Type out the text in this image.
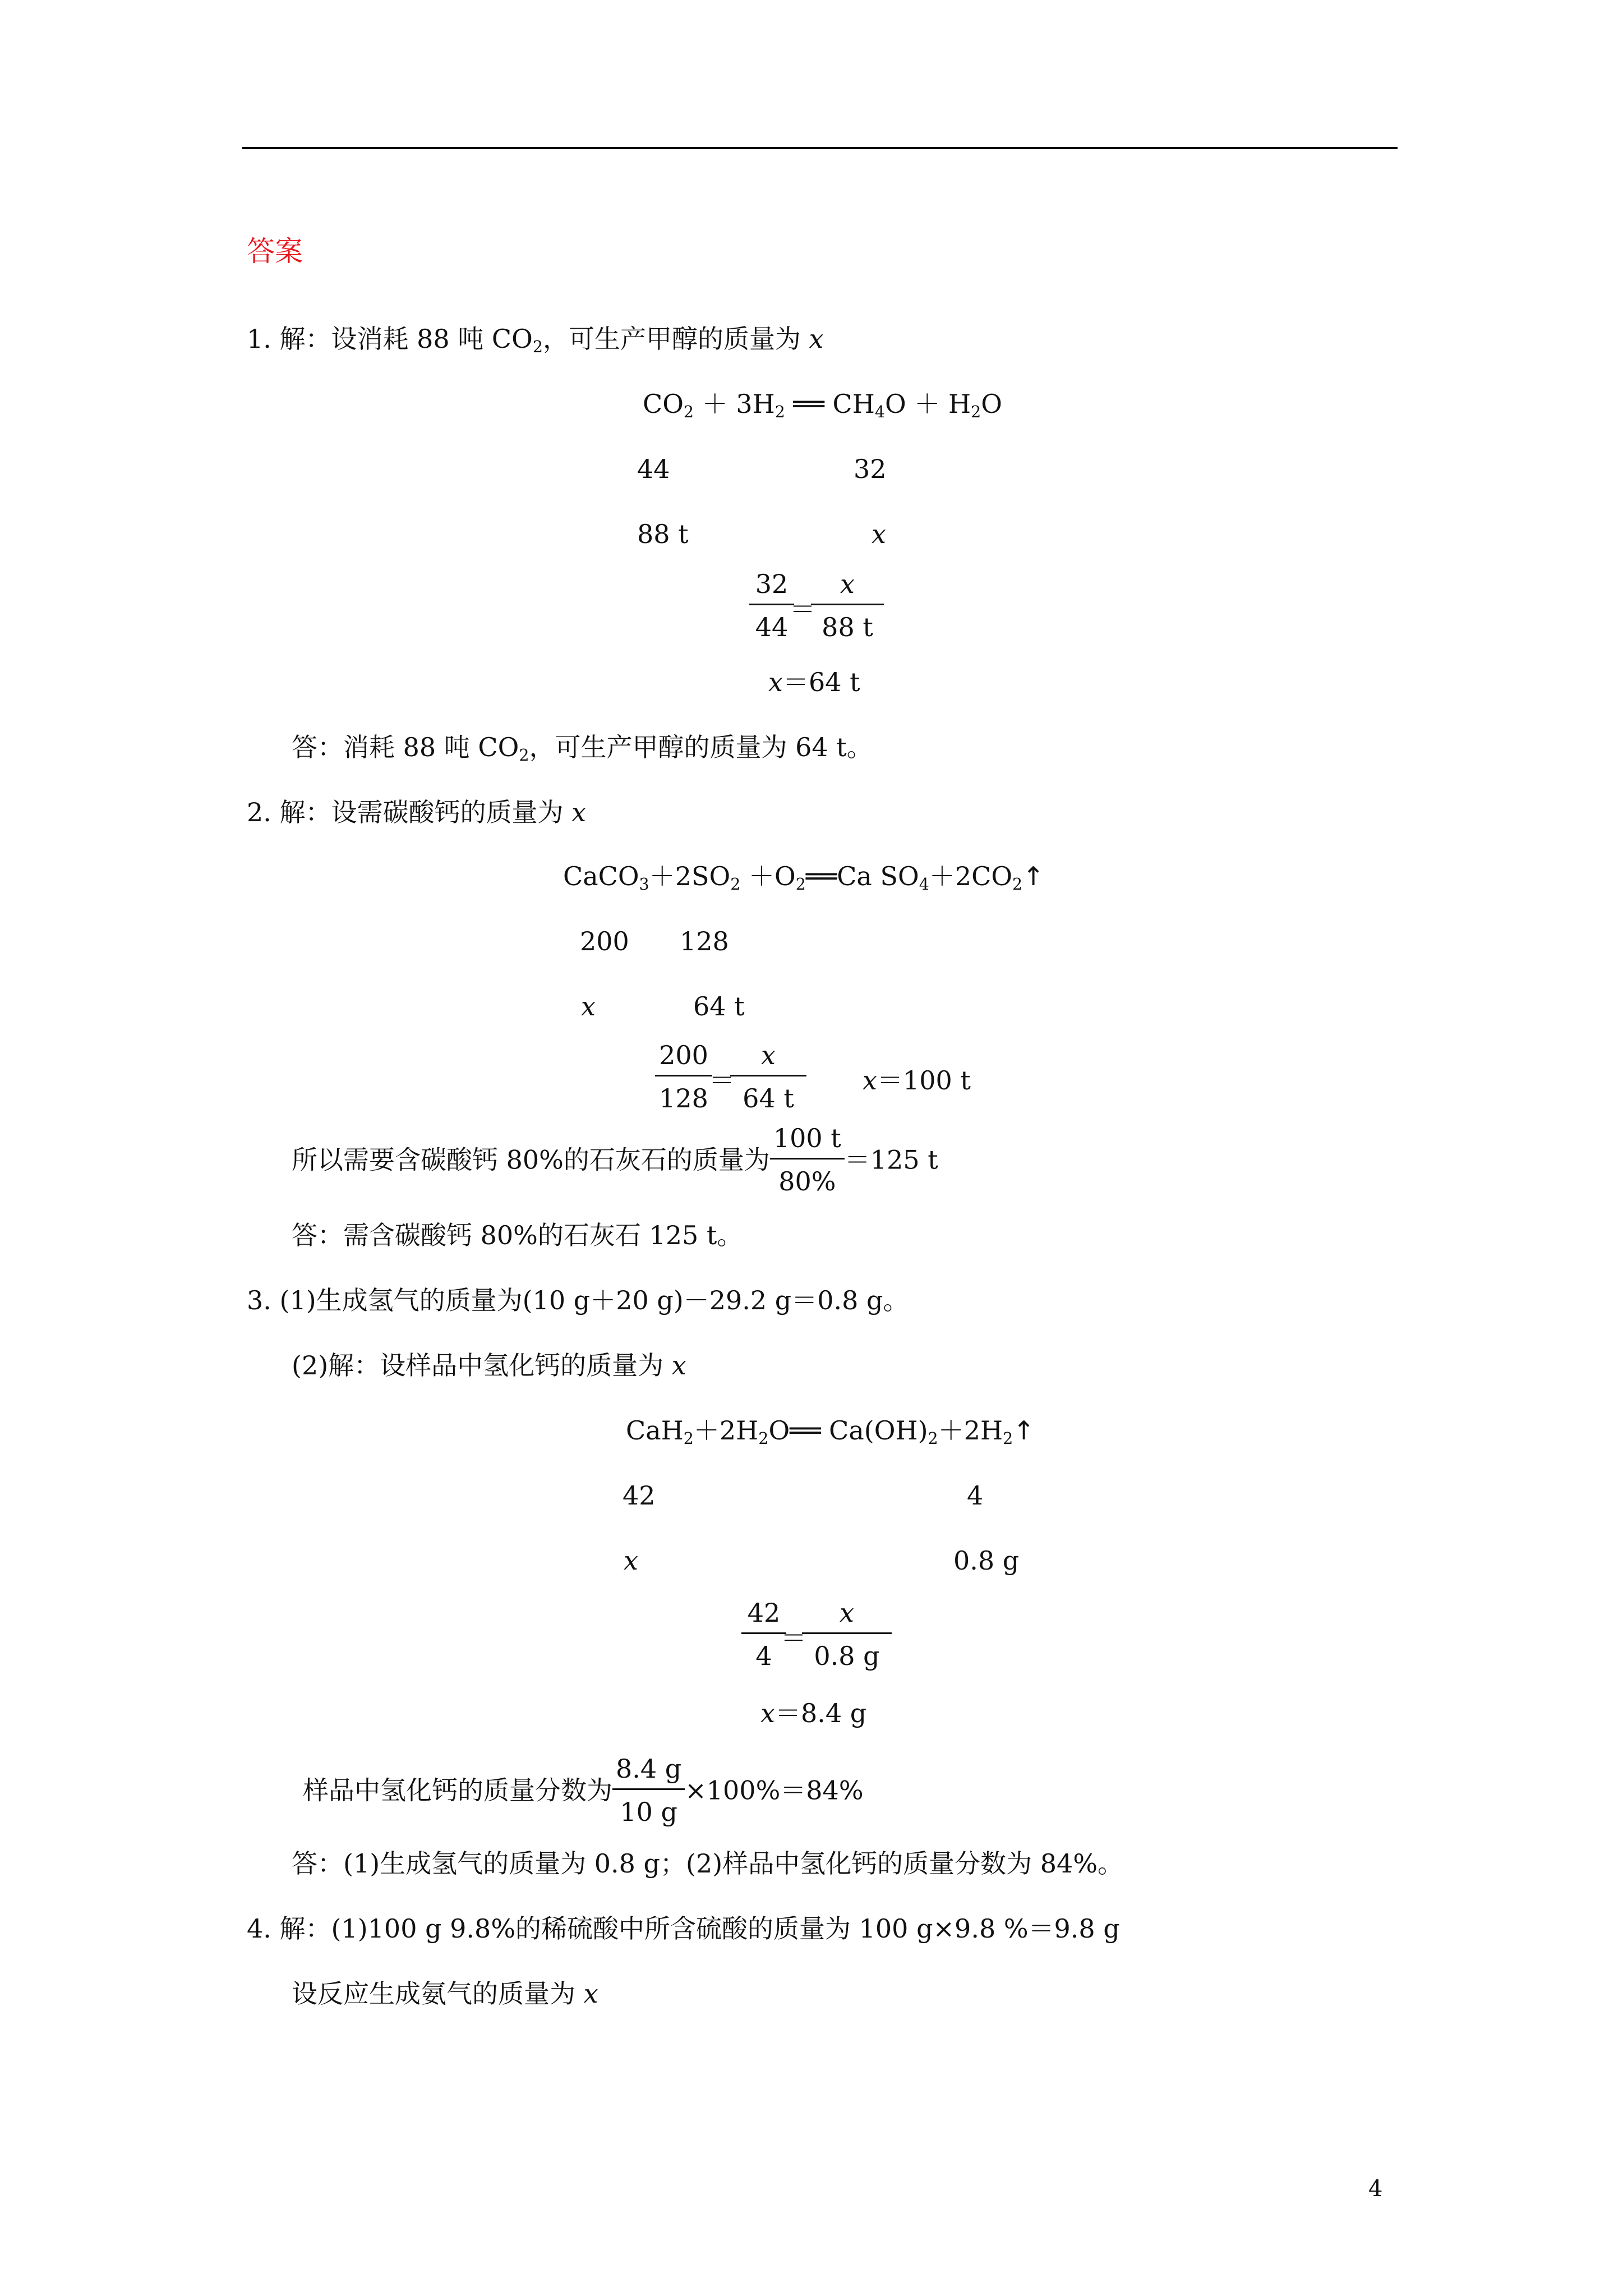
答案
1. 解：设消耗 88 吨 $CO_2$，可生产甲醇的质量为 x
$CO_2 + 3H_2$ ══ $CH_4O + H_2O$
44	32
88 t	x
$\frac{32}{44}$
＝
$\frac{x}{88 t}$
x＝64 t
答：消耗 88 吨 $CO_2$，可生产甲醇的质量为 64 t。
2. 解：设需碳酸钙的质量为 x
$CaCO_3+2SO_2$ $+O_2══Ca$ $SO_4+2CO_2↑$
200 128
x	64 t
$\frac{200}{128}$
＝
$\frac{x}{64 t} x=100$ t
所以需要含碳酸钙 80%的石灰石的质量为 $\frac{100 t}{80\%} =125$ t
答：需含碳酸钙 80%的石灰石 125 t。
3. (1)生成氢气的质量为(10 g＋20 g)－29.2 g＝0.8 g。
(2)解：设样品中氢化钙的质量为 x
$CaH_2+2H_2O══$ $Ca(OH)_2+2H_2↑$
42	4
x	0.8 g
$\frac{42}{4}$
＝
$\frac{x}{0.8 g}$
x＝8.4 g
样品中氢化钙的质量分数为 $\frac{8.4 g}{10 g} \times 100\%=84\%$
答：(1)生成氢气的质量为 0.8 g；(2)样品中氢化钙的质量分数为 84%。
4. 解：(1)100 g 9.8%的稀硫酸中所含硫酸的质量为 100 g×9.8 %＝9.8 g
设反应生成氨气的质量为 x
4
